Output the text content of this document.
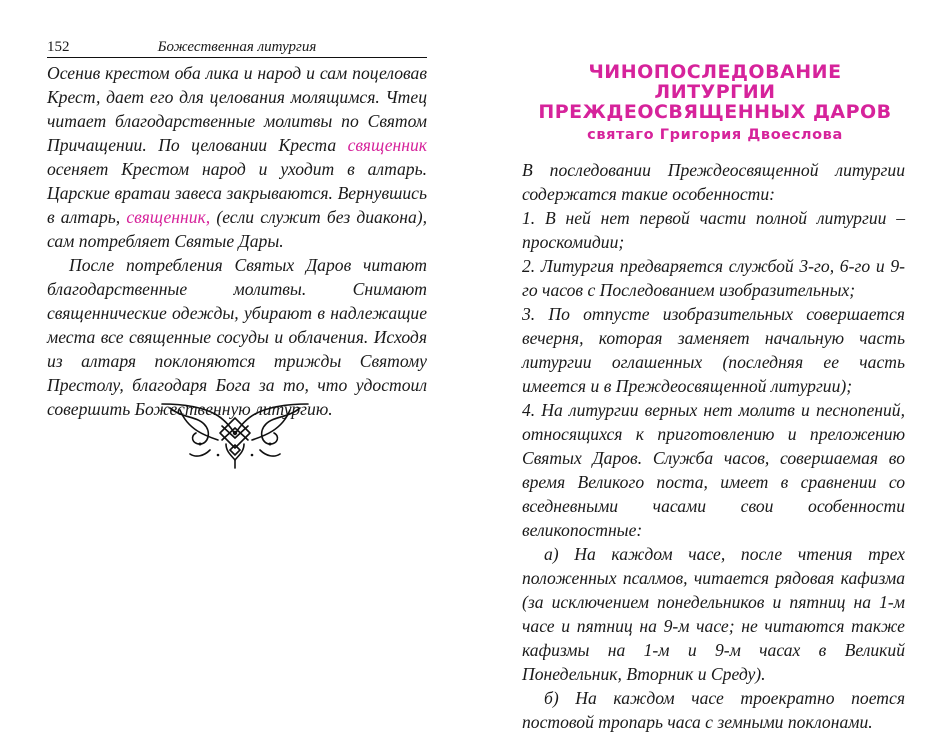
152	Божественная литургия

Осенив крестом оба лика и народ и сам поцеловав Крест, дает его для целования молящимся. Чтец читает благодарственные молитвы по Святом Причащении. По целовании Креста священник осеняет Крестом народ и уходит в алтарь. Царские вратаи завеса закрываются. Вернувшись в алтарь, священник, (если служит без диакона), сам потребляет Святые Дары.

После потребления Святых Даров читают благодарственные молитвы. Снимают священнические одежды, убирают в надлежащие места все священные сосуды и облачения. Исходя из алтаря поклоняются трижды Святому Престолу, благодаря Бога за то, что удостоил совершить Божественную литургию.

ЧИНОПОСЛЕДОВАНИЕ
ЛИТУРГИИ
ПРЕЖДЕОСВЯЩЕННЫХ ДАРОВ
святаго Григория Двоеслова

В последовании Преждеосвященной литургии содержатся такие особенности:

1. В ней нет первой части полной литургии – проскомидии;

2. Литургия предваряется службой 3-го, 6-го и 9-го часов с Последованием изобразительных;

3. По отпусте изобразительных совершается вечерня, которая заменяет начальную часть литургии оглашенных (последняя ее часть имеется и в Преждеосвященной литургии);

4. На литургии верных нет молитв и песнопений, относящихся к приготовлению и преложению Святых Даров. Служба часов, совершаемая во время Великого поста, имеет в сравнении со вседневными часами свои особенности великопостные:

а) На каждом часе, после чтения трех положенных псалмов, читается рядовая кафизма (за исключением понедельников и пятниц на 1-м часе и пятниц на 9-м часе; не читаются также кафизмы на 1-м и 9-м часах в Великий Понедельник, Вторник и Среду).

б) На каждом часе троекратно поется постовой тропарь часа с земными поклонами.
